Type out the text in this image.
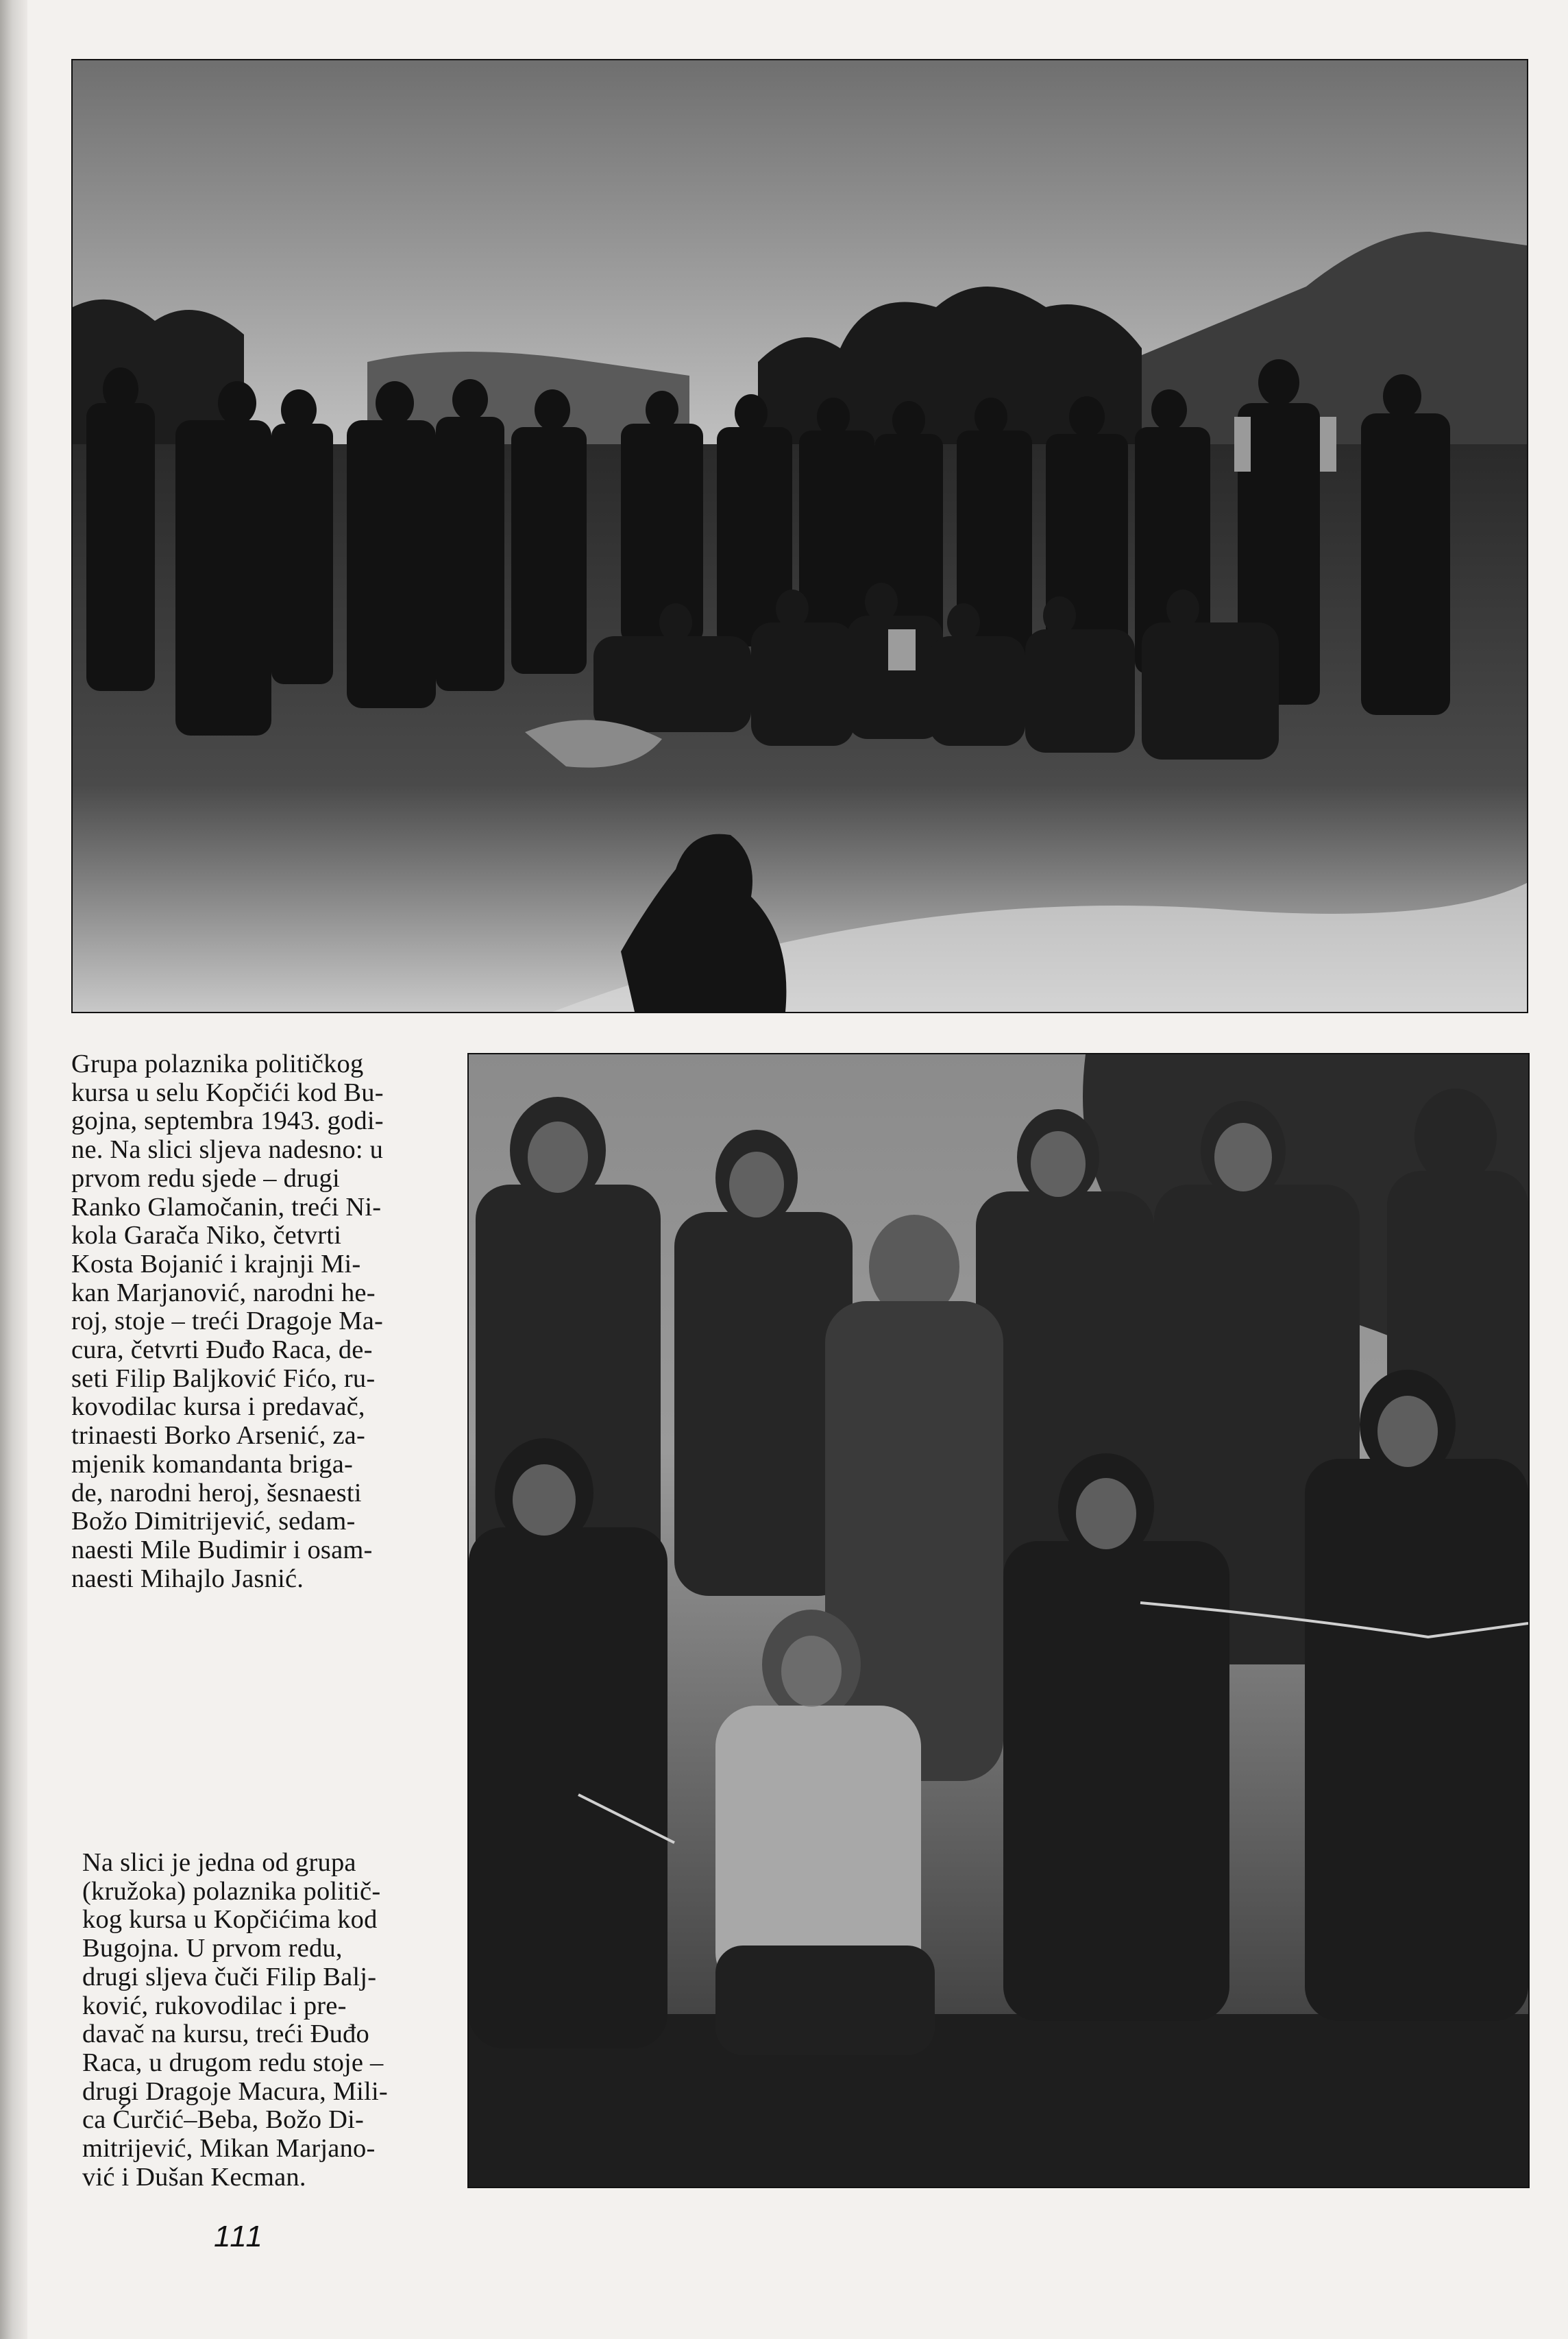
Grupa polaznika političkog
kursa u selu Kopčići kod Bu-
gojna, septembra 1943. godi-
ne. Na slici sljeva nadesno: u
prvom redu sjede – drugi
Ranko Glamočanin, treći Ni-
kola Garača Niko, četvrti
Kosta Bojanić i krajnji Mi-
kan Marjanović, narodni he-
roj, stoje – treći Dragoje Ma-
cura, četvrti Đuđo Raca, de-
seti Filip Baljković Fićo, ru-
kovodilac kursa i predavač,
trinaesti Borko Arsenić, za-
mjenik komandanta briga-
de, narodni heroj, šesnaesti
Božo Dimitrijević, sedam-
naesti Mile Budimir i osam-
naesti Mihajlo Jasnić.
Na slici je jedna od grupa
(kružoka) polaznika politič-
kog kursa u Kopčićima kod
Bugojna. U prvom redu,
drugi sljeva čuči Filip Balj-
ković, rukovodilac i pre-
davač na kursu, treći Đuđo
Raca, u drugom redu stoje –
drugi Dragoje Macura, Mili-
ca Ćurčić–Beba, Božo Di-
mitrijević, Mikan Marjano-
vić i Dušan Kecman.
111
